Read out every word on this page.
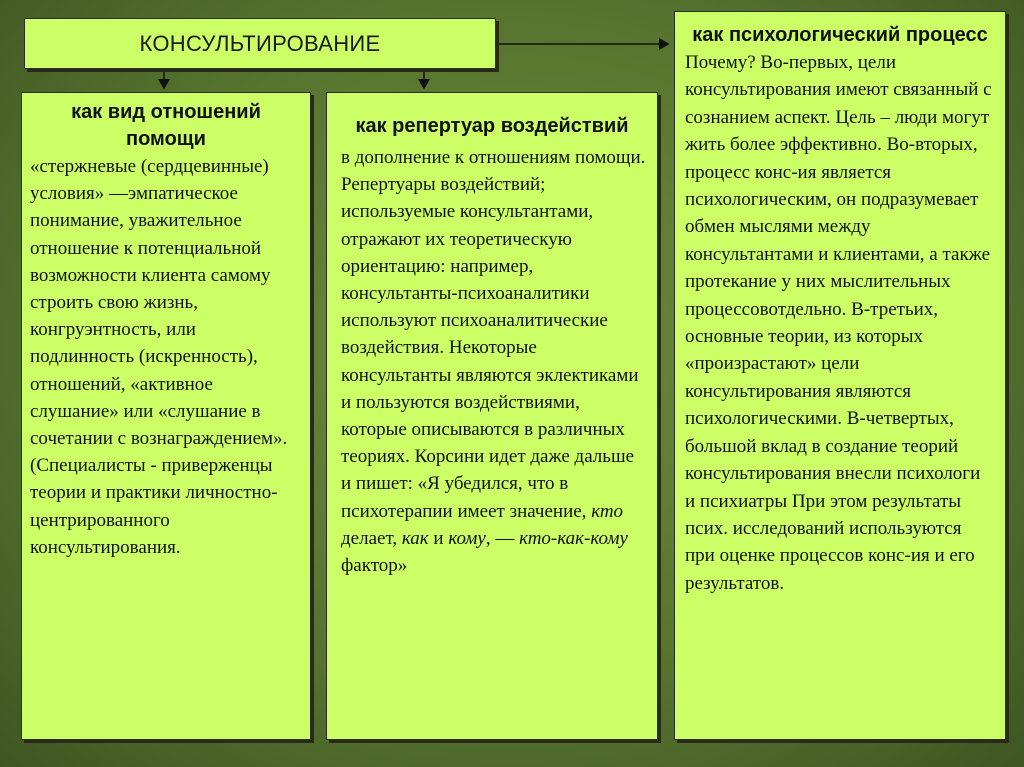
КОНСУЛЬТИРОВАНИЕ
как вид отношений помощи
«стержневые (сердцевинные) условия» —эмпатическое понимание, уважительное отношение к потенциальной возможности клиента самому строить свою жизнь, конгруэнтность, или подлинность (искренность), отношений, «активное слушание» или «слушание в сочетании с вознаграждением». (Специалисты - приверженцы теории и практики личностно-центрированного консультирования.
как репертуар воздействий
в дополнение к отношениям помощи. Репертуары воздействий; используемые консультантами, отражают их теоретическую ориентацию: например, консультанты-психоаналитики используют психоаналитические воздействия. Некоторые консультанты являются эклектиками и пользуются воздействиями, которые описываются в различных теориях. Корсини идет даже дальше и пишет: «Я убедился, что в психотерапии имеет значение, кто делает, как и кому, — кто-как-кому фактор»
как психологический процесс
Почему? Во-первых, цели консультирования имеют связанный с сознанием аспект. Цель – люди могут жить более эффективно. Во-вторых, процесс конс-ия является психологическим, он подразумевает обмен мыслями между консультантами и клиентами, а также протекание у них мыслительных процессовотдельно. В-третьих, основные теории, из которых «произрастают» цели консультирования являются психологическими. В-четвертых, большой вклад в создание теорий консультирования внесли психологи и психиатры При этом результаты псих. исследований используются при оценке процессов конс-ия и его результатов.
